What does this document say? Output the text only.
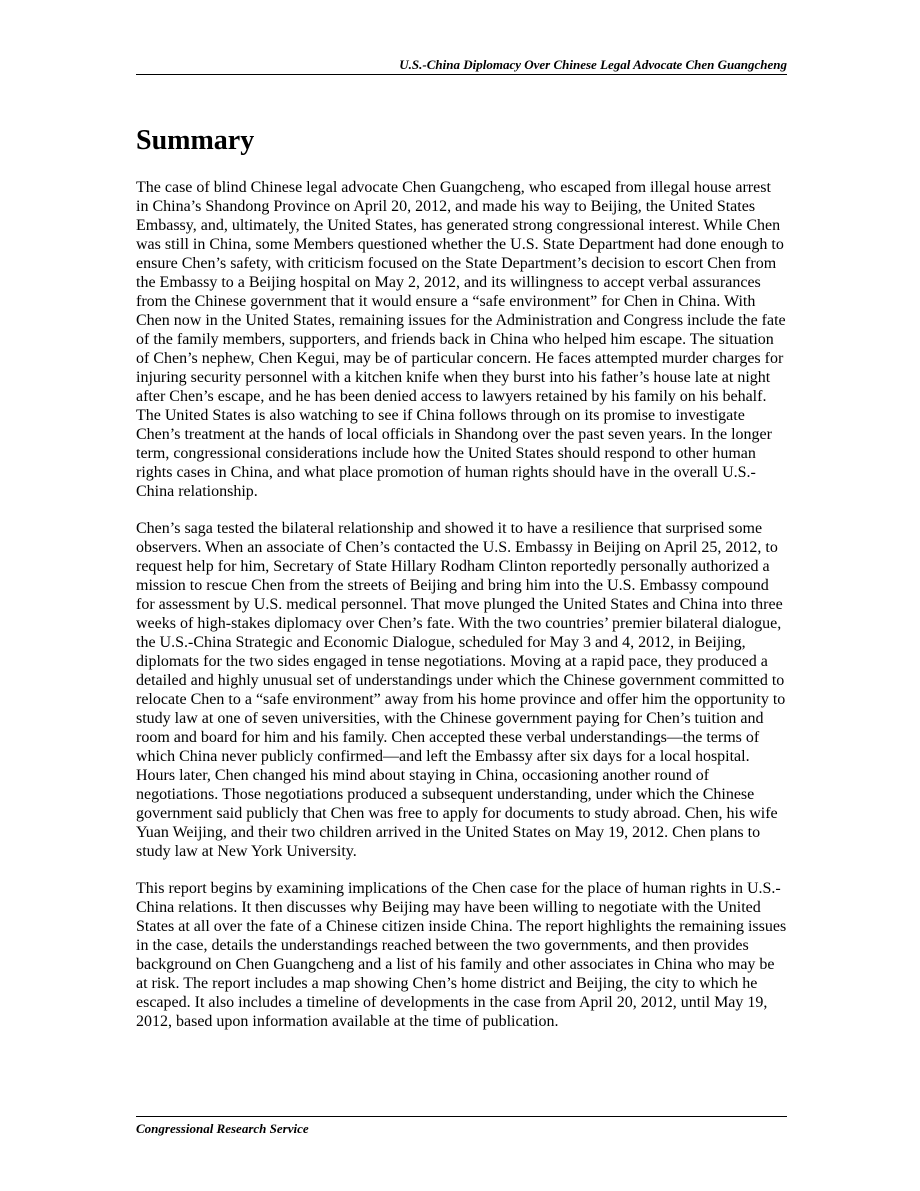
U.S.-China Diplomacy Over Chinese Legal Advocate Chen Guangcheng
Summary

The case of blind Chinese legal advocate Chen Guangcheng, who escaped from illegal house arrest in China’s Shandong Province on April 20, 2012, and made his way to Beijing, the United States Embassy, and, ultimately, the United States, has generated strong congressional interest. While Chen was still in China, some Members questioned whether the U.S. State Department had done enough to ensure Chen’s safety, with criticism focused on the State Department’s decision to escort Chen from the Embassy to a Beijing hospital on May 2, 2012, and its willingness to accept verbal assurances from the Chinese government that it would ensure a “safe environment” for Chen in China. With Chen now in the United States, remaining issues for the Administration and Congress include the fate of the family members, supporters, and friends back in China who helped him escape. The situation of Chen’s nephew, Chen Kegui, may be of particular concern. He faces attempted murder charges for injuring security personnel with a kitchen knife when they burst into his father’s house late at night after Chen’s escape, and he has been denied access to lawyers retained by his family on his behalf. The United States is also watching to see if China follows through on its promise to investigate Chen’s treatment at the hands of local officials in Shandong over the past seven years. In the longer term, congressional considerations include how the United States should respond to other human rights cases in China, and what place promotion of human rights should have in the overall U.S.-China relationship.

Chen’s saga tested the bilateral relationship and showed it to have a resilience that surprised some observers. When an associate of Chen’s contacted the U.S. Embassy in Beijing on April 25, 2012, to request help for him, Secretary of State Hillary Rodham Clinton reportedly personally authorized a mission to rescue Chen from the streets of Beijing and bring him into the U.S. Embassy compound for assessment by U.S. medical personnel. That move plunged the United States and China into three weeks of high-stakes diplomacy over Chen’s fate. With the two countries’ premier bilateral dialogue, the U.S.-China Strategic and Economic Dialogue, scheduled for May 3 and 4, 2012, in Beijing, diplomats for the two sides engaged in tense negotiations. Moving at a rapid pace, they produced a detailed and highly unusual set of understandings under which the Chinese government committed to relocate Chen to a “safe environment” away from his home province and offer him the opportunity to study law at one of seven universities, with the Chinese government paying for Chen’s tuition and room and board for him and his family. Chen accepted these verbal understandings—the terms of which China never publicly confirmed—and left the Embassy after six days for a local hospital. Hours later, Chen changed his mind about staying in China, occasioning another round of negotiations. Those negotiations produced a subsequent understanding, under which the Chinese government said publicly that Chen was free to apply for documents to study abroad. Chen, his wife Yuan Weijing, and their two children arrived in the United States on May 19, 2012. Chen plans to study law at New York University.

This report begins by examining implications of the Chen case for the place of human rights in U.S.-China relations. It then discusses why Beijing may have been willing to negotiate with the United States at all over the fate of a Chinese citizen inside China. The report highlights the remaining issues in the case, details the understandings reached between the two governments, and then provides background on Chen Guangcheng and a list of his family and other associates in China who may be at risk. The report includes a map showing Chen’s home district and Beijing, the city to which he escaped. It also includes a timeline of developments in the case from April 20, 2012, until May 19, 2012, based upon information available at the time of publication.

Congressional Research Service
